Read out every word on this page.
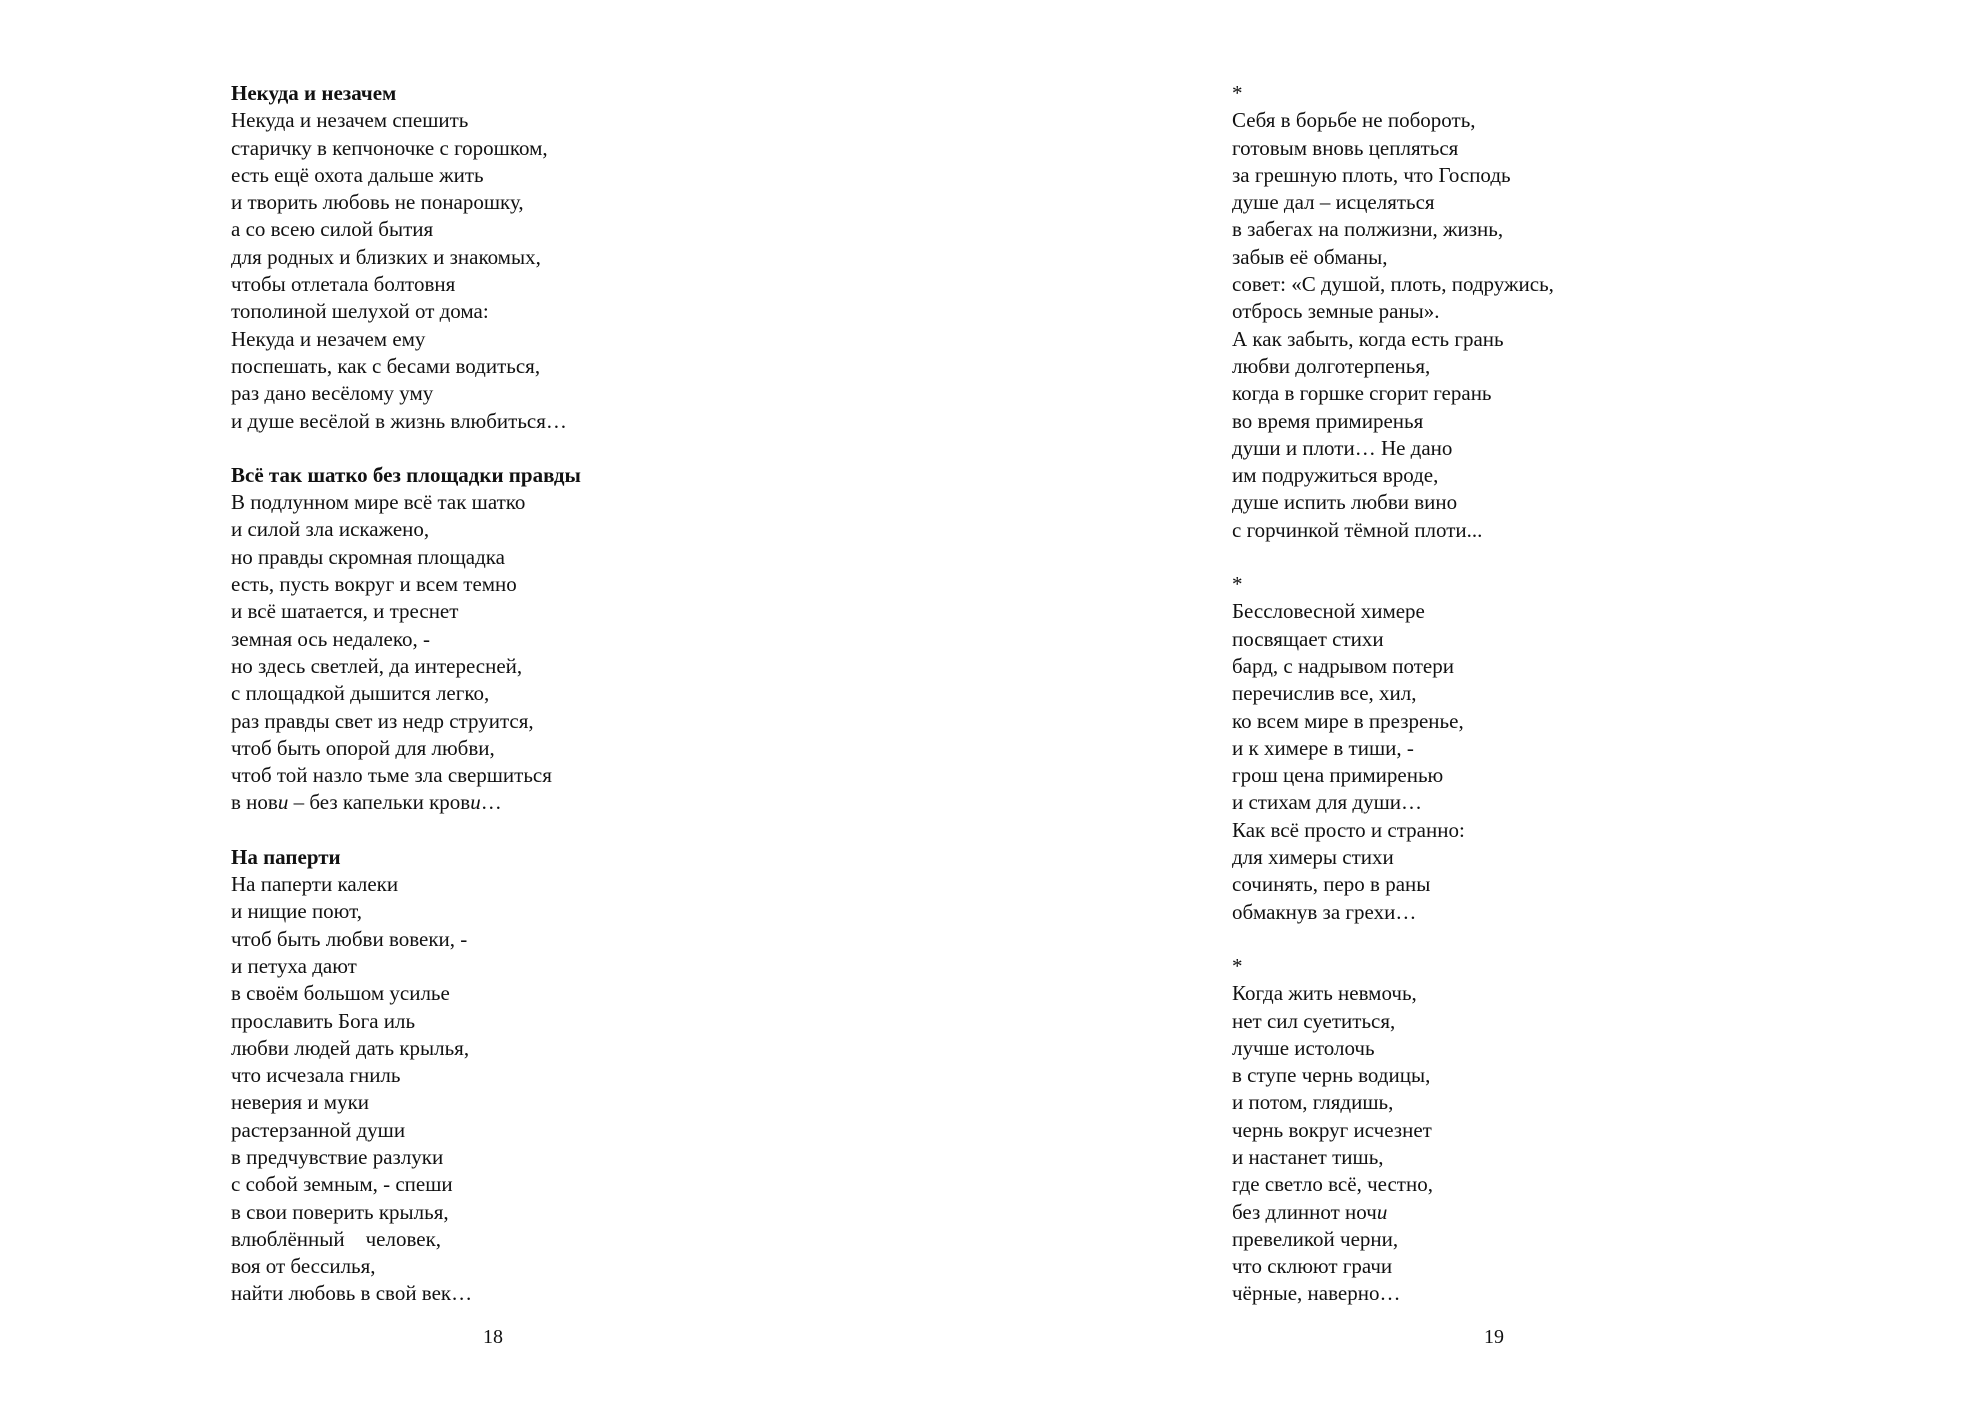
Некуда и незачем
Некуда и незачем спешить
старичку в кепчоночке с горошком,
есть ещё охота дальше жить
и творить любовь не понарошку,
а со всею силой бытия
для родных и близких и знакомых,
чтобы отлетала болтовня
тополиной шелухой от дома:
Некуда и незачем ему
поспешать, как с бесами водиться,
раз дано весёлому уму
и душе весёлой в жизнь влюбиться…
Всё так шатко без площадки правды
В подлунном мире всё так шатко
и силой зла искажено,
но правды скромная площадка
есть, пусть вокруг и всем темно
и всё шатается, и треснет
земная ось недалеко, -
но здесь светлей, да интересней,
с площадкой дышится легко,
раз правды свет из недр струится,
чтоб быть опорой для любви,
чтоб той назло тьме зла свершиться
в нови – без капельки крови…
На паперти
На паперти калеки
и нищие поют,
чтоб быть любви вовеки, -
и петуха дают
в своём большом усилье
прославить Бога иль
любви людей дать крылья,
что исчезала гниль
неверия и муки
растерзанной души
в предчувствие разлуки
с собой земным, - спеши
в свои поверить крылья,
влюблённый    человек,
воя от бессилья,
найти любовь в свой век…
18
*
Себя в борьбе не побороть,
готовым вновь цепляться
за грешную плоть, что Господь
душе дал – исцеляться
в забегах на полжизни, жизнь,
забыв её обманы,
совет: «С душой, плоть, подружись,
отбрось земные раны».
А как забыть, когда есть грань
любви долготерпенья,
когда в горшке сгорит герань
во время примиренья
души и плоти… Не дано
им подружиться вроде,
душе испить любви вино
с горчинкой тёмной плоти...
*
Бессловесной химере
посвящает стихи
бард, с надрывом потери
перечислив все, хил,
ко всем мире в презренье,
и к химере в тиши, -
грош цена примиренью
и стихам для души…
Как всё просто и странно:
для химеры стихи
сочинять, перо в раны
обмакнув за грехи…
*
Когда жить невмочь,
нет сил суетиться,
лучше истолочь
в ступе чернь водицы,
и потом, глядишь,
чернь вокруг исчезнет
и настанет тишь,
где светло всё, честно,
без длиннот ночи
превеликой черни,
что склюют грачи
чёрные, наверно…
19
